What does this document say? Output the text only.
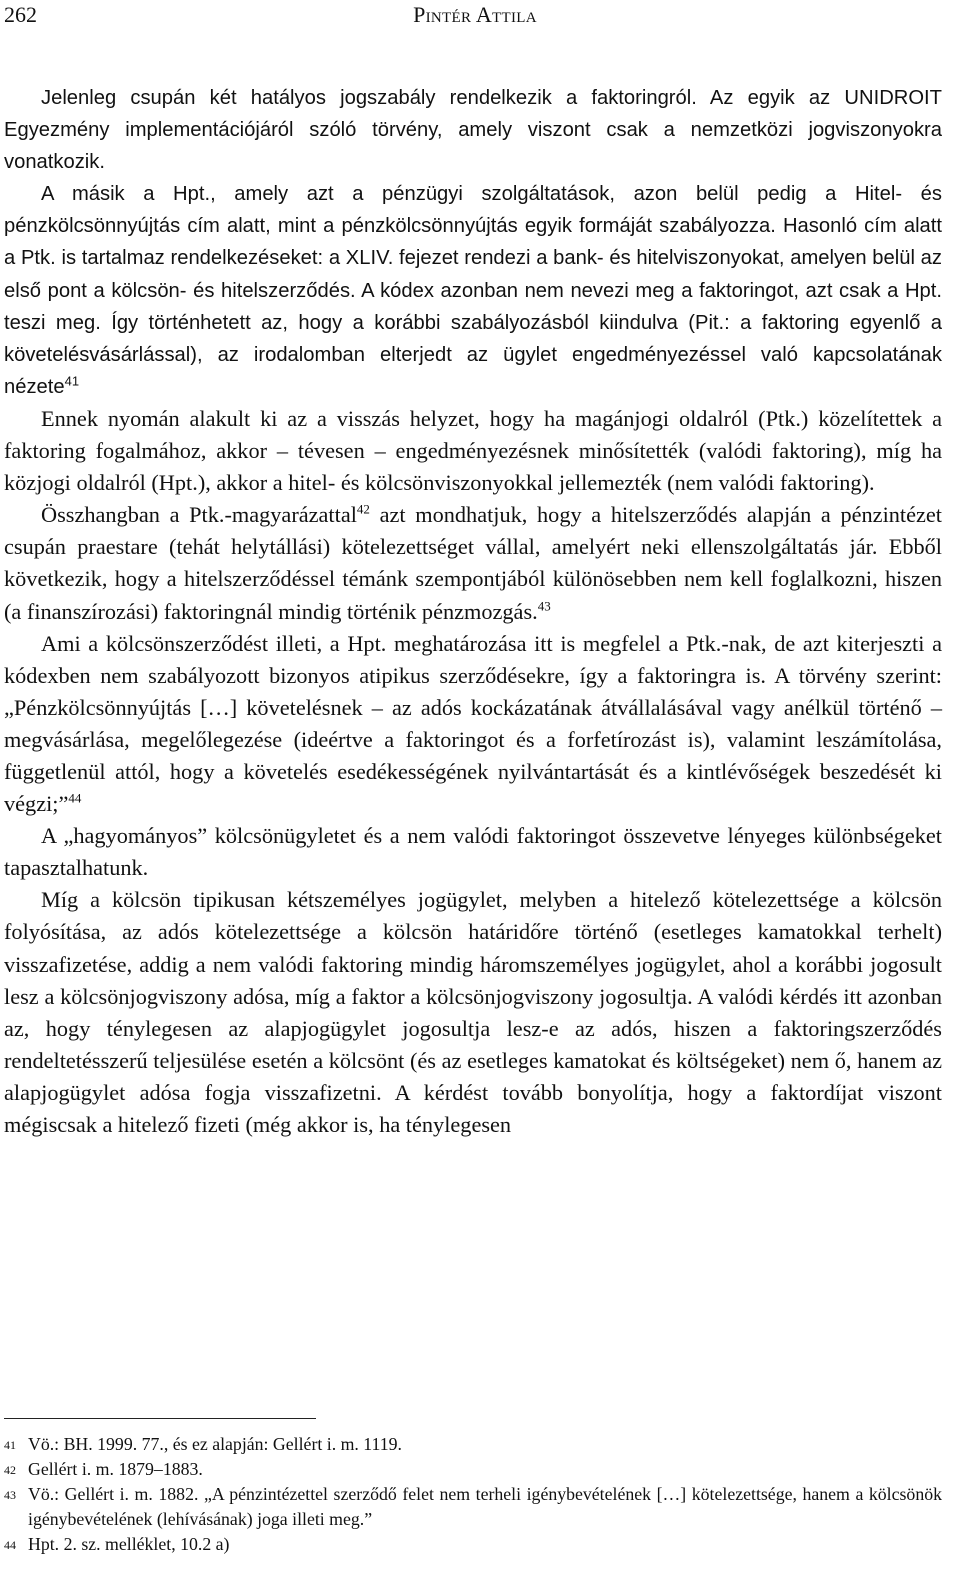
262	Pintér Attila

Jelenleg csupán két hatályos jogszabály rendelkezik a faktoringról. Az egyik az UNIDROIT Egyezmény implementációjáról szóló törvény, amely viszont csak a nemzetközi jogviszonyokra vonatkozik.

A másik a Hpt., amely azt a pénzügyi szolgáltatások, azon belül pedig a Hitel- és pénzkölcsönnyújtás cím alatt, mint a pénzkölcsönnyújtás egyik formáját szabályozza. Hasonló cím alatt a Ptk. is tartalmaz rendelkezéseket: a XLIV. fejezet rendezi a bank- és hitelviszonyokat, amelyen belül az első pont a kölcsön- és hitelszerződés. A kódex azonban nem nevezi meg a faktoringot, azt csak a Hpt. teszi meg. Így történhetett az, hogy a korábbi szabályozásból kiindulva (Pit.: a faktoring egyenlő a követelésvásárlással), az irodalomban elterjedt az ügylet engedményezéssel való kapcsolatának nézete$^{41}$

Ennek nyomán alakult ki az a visszás helyzet, hogy ha magánjogi oldalról (Ptk.) közelítettek a faktoring fogalmához, akkor – tévesen – engedményezésnek minősítették (valódi faktoring), míg ha közjogi oldalról (Hpt.), akkor a hitel- és kölcsönviszonyokkal jellemezték (nem valódi faktoring).

Összhangban a Ptk.-magyarázattal$^{42}$ azt mondhatjuk, hogy a hitelszerződés alapján a pénzintézet csupán praestare (tehát helytállási) kötelezettséget vállal, amelyért neki ellenszolgáltatás jár. Ebből következik, hogy a hitelszerződéssel témánk szempontjából különösebben nem kell foglalkozni, hiszen (a finanszírozási) faktoringnál mindig történik pénzmozgás.$^{43}$

Ami a kölcsönszerződést illeti, a Hpt. meghatározása itt is megfelel a Ptk.-nak, de azt kiterjeszti a kódexben nem szabályozott bizonyos atipikus szerződésekre, így a faktoringra is. A törvény szerint: „Pénzkölcsönnyújtás […] követelésnek – az adós kockázatának átvállalásával vagy anélkül történő – megvásárlása, megelőlegezése (ideértve a faktoringot és a forfetírozást is), valamint leszámítolása, függetlenül attól, hogy a követelés esedékességének nyilvántartását és a kintlévőségek beszedését ki végzi;”$^{44}$

A „hagyományos” kölcsönügyletet és a nem valódi faktoringot összevetve lényeges különbségeket tapasztalhatunk.

Míg a kölcsön tipikusan kétszemélyes jogügylet, melyben a hitelező kötelezettsége a kölcsön folyósítása, az adós kötelezettsége a kölcsön határidőre történő (esetleges kamatokkal terhelt) visszafizetése, addig a nem valódi faktoring mindig háromszemélyes jogügylet, ahol a korábbi jogosult lesz a kölcsönjogviszony adósa, míg a faktor a kölcsönjogviszony jogosultja. A valódi kérdés itt azonban az, hogy ténylegesen az alapjogügylet jogosultja lesz-e az adós, hiszen a faktoringszerződés rendeltetésszerű teljesülése esetén a kölcsönt (és az esetleges kamatokat és költségeket) nem ő, hanem az alapjogügylet adósa fogja visszafizetni. A kérdést tovább bonyolítja, hogy a faktordíjat viszont mégiscsak a hitelező fizeti (még akkor is, ha ténylegesen

41 Vö.: BH. 1999. 77., és ez alapján: Gellért i. m. 1119.

42 Gellért i. m. 1879–1883.

43 Vö.: Gellért i. m. 1882. „A pénzintézettel szerződő felet nem terheli igénybevételének […] kötelezettsége, hanem a kölcsönök igénybevételének (lehívásának) joga illeti meg.”

44 Hpt. 2. sz. melléklet, 10.2 a)
